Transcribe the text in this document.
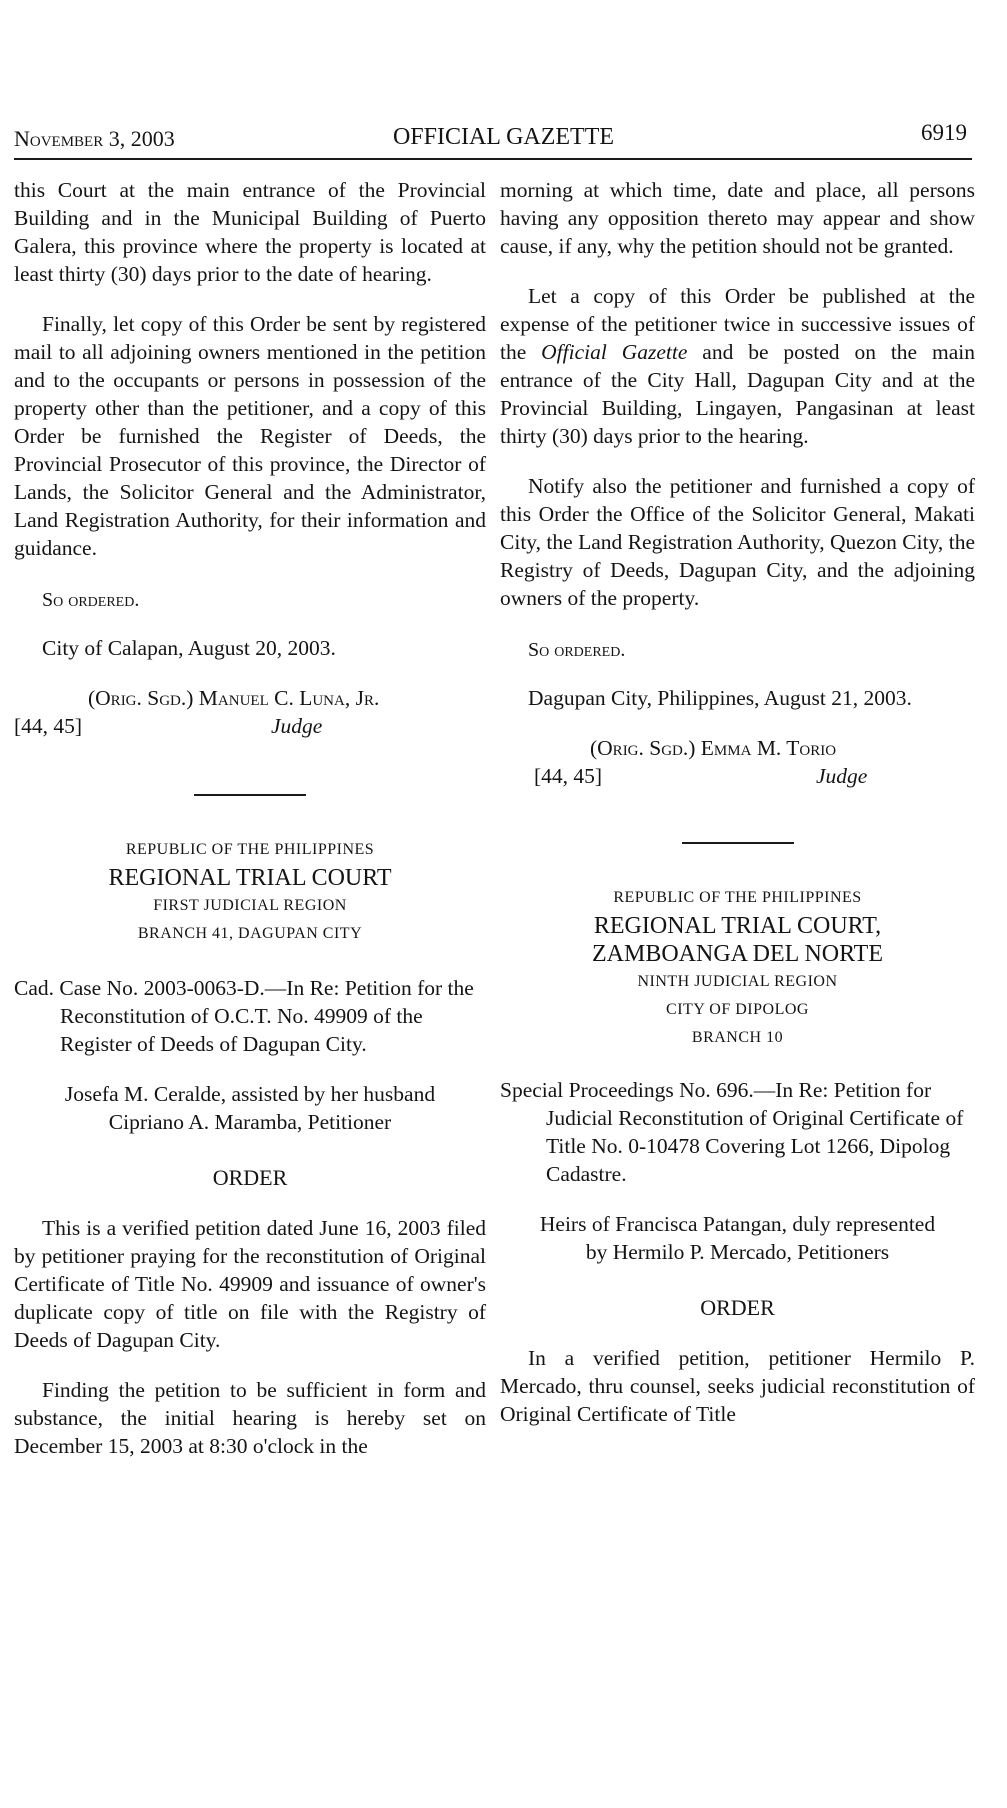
November 3, 2003	OFFICIAL GAZETTE	6919

this Court at the main entrance of the Provincial Building and in the Municipal Building of Puerto Galera, this province where the property is located at least thirty (30) days prior to the date of hearing.

Finally, let copy of this Order be sent by registered mail to all adjoining owners mentioned in the petition and to the occupants or persons in possession of the property other than the petitioner, and a copy of this Order be furnished the Register of Deeds, the Provincial Prosecutor of this province, the Director of Lands, the Solicitor General and the Administrator, Land Registration Authority, for their information and guidance.

So ordered.

City of Calapan, August 20, 2003.

(Orig. Sgd.) Manuel C. Luna, Jr.

[44, 45]	Judge
REPUBLIC OF THE PHILIPPINES
REGIONAL TRIAL COURT
FIRST JUDICIAL REGION
BRANCH 41, DAGUPAN CITY

Cad. Case No. 2003-0063-D.—In Re: Petition for the Reconstitution of O.C.T. No. 49909 of the Register of Deeds of Dagupan City.

Josefa M. Ceralde, assisted by her husband
Cipriano A. Maramba, Petitioner
ORDER

This is a verified petition dated June 16, 2003 filed by petitioner praying for the reconstitution of Original Certificate of Title No. 49909 and issuance of owner's duplicate copy of title on file with the Registry of Deeds of Dagupan City.

Finding the petition to be sufficient in form and substance, the initial hearing is hereby set on December 15, 2003 at 8:30 o'clock in the

morning at which time, date and place, all persons having any opposition thereto may appear and show cause, if any, why the petition should not be granted.

Let a copy of this Order be published at the expense of the petitioner twice in successive issues of the Official Gazette and be posted on the main entrance of the City Hall, Dagupan City and at the Provincial Building, Lingayen, Pangasinan at least thirty (30) days prior to the hearing.

Notify also the petitioner and furnished a copy of this Order the Office of the Solicitor General, Makati City, the Land Registration Authority, Quezon City, the Registry of Deeds, Dagupan City, and the adjoining owners of the property.

So ordered.

Dagupan City, Philippines, August 21, 2003.

(Orig. Sgd.) Emma M. Torio

[44, 45]	Judge
REPUBLIC OF THE PHILIPPINES
REGIONAL TRIAL COURT,
ZAMBOANGA DEL NORTE
NINTH JUDICIAL REGION
CITY OF DIPOLOG
BRANCH 10

Special Proceedings No. 696.—In Re: Petition for Judicial Reconstitution of Original Certificate of Title No. 0-10478 Covering Lot 1266, Dipolog Cadastre.

Heirs of Francisca Patangan, duly represented
by Hermilo P. Mercado, Petitioners
ORDER

In a verified petition, petitioner Hermilo P. Mercado, thru counsel, seeks judicial reconstitution of Original Certificate of Title
